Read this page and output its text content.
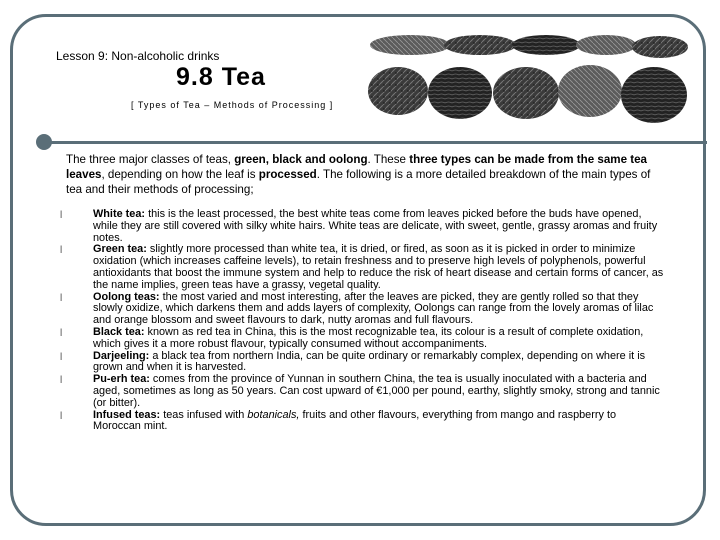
Lesson 9: Non-alcoholic drinks
9.8 Tea
[ Types of Tea – Methods of Processing ]
The three major classes of teas, green, black and oolong. These three types can be made from the same tea leaves, depending on how the leaf is processed. The following is a more detailed breakdown of the main types of tea and their methods of processing;
l	White tea: this is the least processed, the best white teas come from leaves picked before the buds have opened, while they are still covered with silky white hairs. White teas are delicate, with sweet, gentle, grassy aromas and fruity notes.
l	Green tea: slightly more processed than white tea, it is dried, or fired, as soon as it is picked in order to minimize oxidation (which increases caffeine levels), to retain freshness and to preserve high levels of polyphenols, powerful antioxidants that boost the immune system and help to reduce the risk of heart disease and certain forms of cancer, as the name implies, green teas have a grassy, vegetal quality.
l	Oolong teas: the most varied and most interesting, after the leaves are picked, they are gently rolled so that they slowly oxidize, which darkens them and adds layers of complexity, Oolongs can range from the lovely aromas of lilac and orange blossom and sweet flavours to dark, nutty aromas and full flavours.
l	Black tea: known as red tea in China, this is the most recognizable tea, its colour is a result of complete oxidation, which gives it a more robust flavour, typically consumed without accompaniments.
l	Darjeeling: a black tea from northern India, can be quite ordinary or remarkably complex, depending on where it is grown and when it is harvested.
l	Pu-erh tea: comes from the province of Yunnan in southern China, the tea is usually inoculated with a bacteria and aged, sometimes as long as 50 years. Can cost upward of €1,000 per pound, earthy, slightly smoky, strong and tannic (or bitter).
l	Infused teas: teas infused with botanicals, fruits and other flavours, everything from mango and raspberry to Moroccan mint.
